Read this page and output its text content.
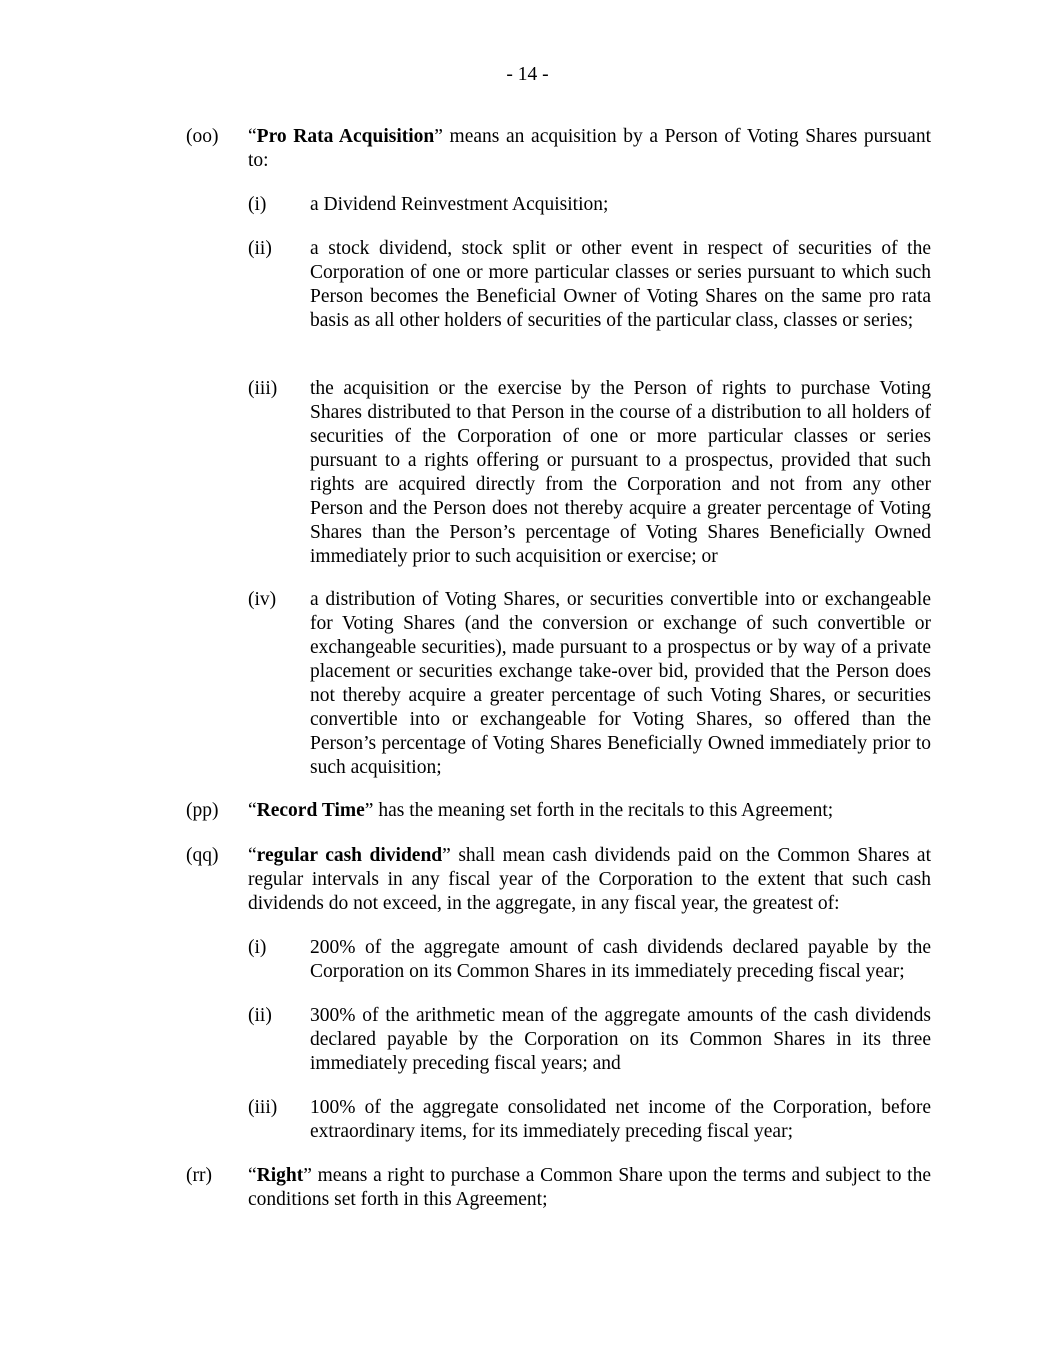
- 14 -
(oo) “Pro Rata Acquisition” means an acquisition by a Person of Voting Shares pursuant to:
(i) a Dividend Reinvestment Acquisition;
(ii) a stock dividend, stock split or other event in respect of securities of the Corporation of one or more particular classes or series pursuant to which such Person becomes the Beneficial Owner of Voting Shares on the same pro rata basis as all other holders of securities of the particular class, classes or series;
(iii) the acquisition or the exercise by the Person of rights to purchase Voting Shares distributed to that Person in the course of a distribution to all holders of securities of the Corporation of one or more particular classes or series pursuant to a rights offering or pursuant to a prospectus, provided that such rights are acquired directly from the Corporation and not from any other Person and the Person does not thereby acquire a greater percentage of Voting Shares than the Person’s percentage of Voting Shares Beneficially Owned immediately prior to such acquisition or exercise; or
(iv) a distribution of Voting Shares, or securities convertible into or exchangeable for Voting Shares (and the conversion or exchange of such convertible or exchangeable securities), made pursuant to a prospectus or by way of a private placement or securities exchange take-over bid, provided that the Person does not thereby acquire a greater percentage of such Voting Shares, or securities convertible into or exchangeable for Voting Shares, so offered than the Person’s percentage of Voting Shares Beneficially Owned immediately prior to such acquisition;
(pp) “Record Time” has the meaning set forth in the recitals to this Agreement;
(qq) “regular cash dividend” shall mean cash dividends paid on the Common Shares at regular intervals in any fiscal year of the Corporation to the extent that such cash dividends do not exceed, in the aggregate, in any fiscal year, the greatest of:
(i) 200% of the aggregate amount of cash dividends declared payable by the Corporation on its Common Shares in its immediately preceding fiscal year;
(ii) 300% of the arithmetic mean of the aggregate amounts of the cash dividends declared payable by the Corporation on its Common Shares in its three immediately preceding fiscal years; and
(iii) 100% of the aggregate consolidated net income of the Corporation, before extraordinary items, for its immediately preceding fiscal year;
(rr) “Right” means a right to purchase a Common Share upon the terms and subject to the conditions set forth in this Agreement;
